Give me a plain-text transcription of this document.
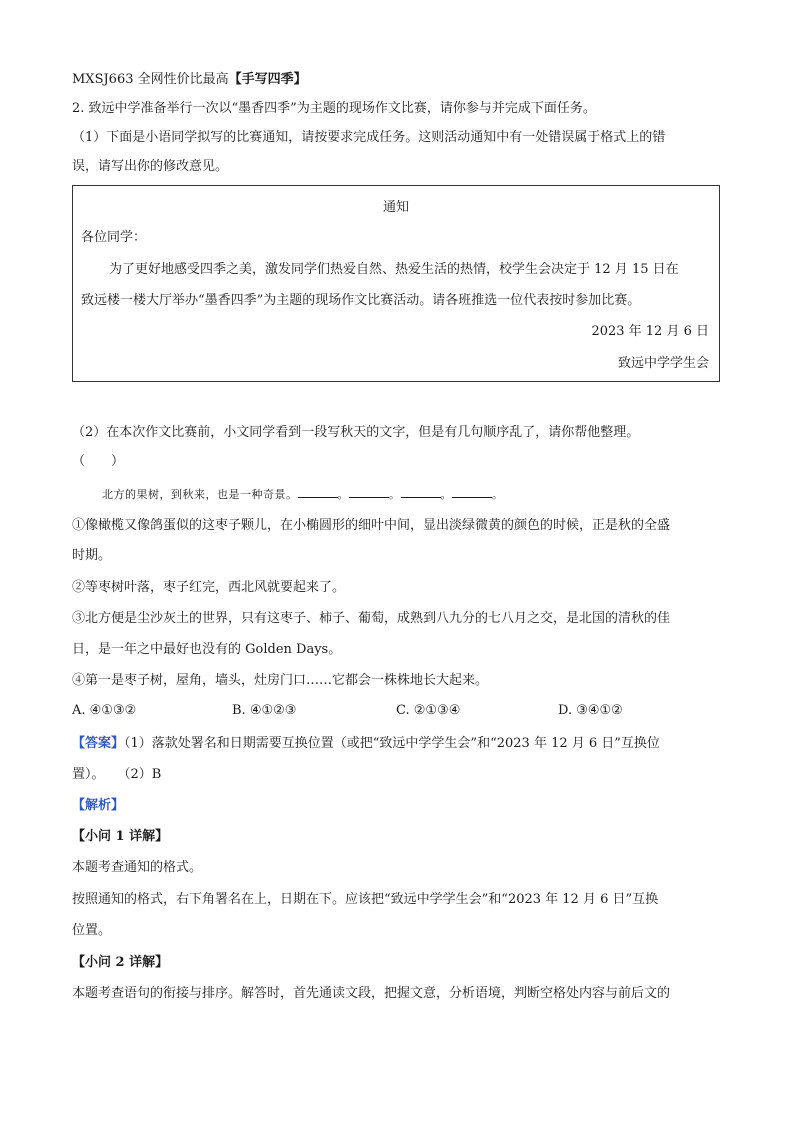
MXSJ663 全网性价比最高【手写四季】
2. 致远中学准备举行一次以“墨香四季”为主题的现场作文比赛，请你参与并完成下面任务。
（1）下面是小语同学拟写的比赛通知，请按要求完成任务。这则活动通知中有一处错误属于格式上的错
误，请写出你的修改意见。
通知
各位同学：
为了更好地感受四季之美，激发同学们热爱自然、热爱生活的热情，校学生会决定于 12 月 15 日在
致远楼一楼大厅举办“墨香四季”为主题的现场作文比赛活动。请各班推选一位代表按时参加比赛。
2023 年 12 月 6 日
致远中学学生会
（2）在本次作文比赛前，小文同学看到一段写秋天的文字，但是有几句顺序乱了，请你帮他整理。
（　　）
北方的果树，到秋来，也是一种奇景。	。	。	。	。
①像橄榄又像鸽蛋似的这枣子颗儿，在小椭圆形的细叶中间，显出淡绿微黄的颜色的时候，正是秋的全盛
时期。
②等枣树叶落，枣子红完，西北风就要起来了。
③北方便是尘沙灰土的世界，只有这枣子、柿子、葡萄，成熟到八九分的七八月之交，是北国的清秋的佳
日，是一年之中最好也没有的 Golden Days。
④第一是枣子树，屋角，墙头，灶房门口……它都会一株株地长大起来。
A. ④①③②	B. ④①②③	C. ②①③④	D. ③④①②
【答案】（1）落款处署名和日期需要互换位置（或把“致远中学学生会”和“2023 年 12 月 6 日”互换位
置）。　　（2）B
【解析】
【小问 1 详解】
本题考查通知的格式。
按照通知的格式，右下角署名在上，日期在下。应该把“致远中学学生会”和“2023 年 12 月 6 日”互换
位置。
【小问 2 详解】
本题考查语句的衔接与排序。解答时，首先通读文段，把握文意，分析语境，判断空格处内容与前后文的
